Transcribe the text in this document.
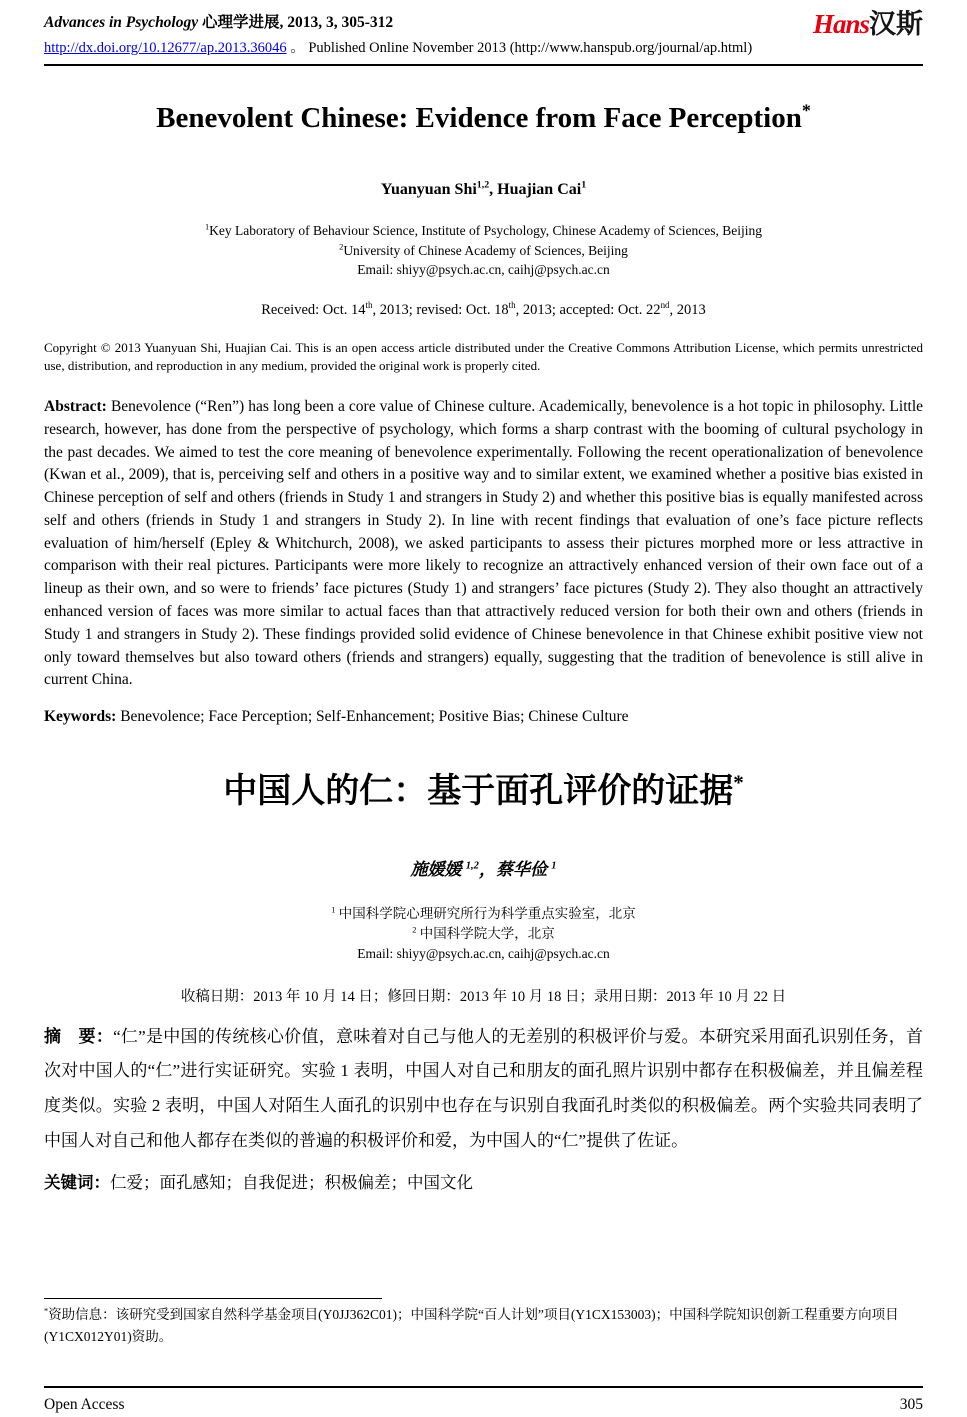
Advances in Psychology 心理学进展, 2013, 3, 305-312
http://dx.doi.org/10.12677/ap.2013.36046 。 Published Online November 2013 (http://www.hanspub.org/journal/ap.html)
Hans汉斯
Benevolent Chinese: Evidence from Face Perception*
Yuanyuan Shi$^{1,2}$, Huajian Cai$^1$
$^1$Key Laboratory of Behaviour Science, Institute of Psychology, Chinese Academy of Sciences, Beijing
$^2$University of Chinese Academy of Sciences, Beijing
Email: shiyy@psych.ac.cn, caihj@psych.ac.cn
Received: Oct. 14th, 2013; revised: Oct. 18th, 2013; accepted: Oct. 22nd, 2013

Copyright © 2013 Yuanyuan Shi, Huajian Cai. This is an open access article distributed under the Creative Commons Attribution License, which permits unrestricted use, distribution, and reproduction in any medium, provided the original work is properly cited.

Abstract: Benevolence (“Ren”) has long been a core value of Chinese culture. Academically, benevolence is a hot topic in philosophy. Little research, however, has done from the perspective of psychology, which forms a sharp contrast with the booming of cultural psychology in the past decades. We aimed to test the core meaning of benevolence experimentally. Following the recent operationalization of benevolence (Kwan et al., 2009), that is, perceiving self and others in a positive way and to similar extent, we examined whether a positive bias existed in Chinese perception of self and others (friends in Study 1 and strangers in Study 2) and whether this positive bias is equally manifested across self and others (friends in Study 1 and strangers in Study 2). In line with recent findings that evaluation of one’s face picture reflects evaluation of him/herself (Epley & Whitchurch, 2008), we asked participants to assess their pictures morphed more or less attractive in comparison with their real pictures. Participants were more likely to recognize an attractively enhanced version of their own face out of a lineup as their own, and so were to friends’ face pictures (Study 1) and strangers’ face pictures (Study 2). They also thought an attractively enhanced version of faces was more similar to actual faces than that attractively reduced version for both their own and others (friends in Study 1 and strangers in Study 2). These findings provided solid evidence of Chinese benevolence in that Chinese exhibit positive view not only toward themselves but also toward others (friends and strangers) equally, suggesting that the tradition of benevolence is still alive in current China.

Keywords: Benevolence; Face Perception; Self-Enhancement; Positive Bias; Chinese Culture

中国人的仁：基于面孔评价的证据*
施媛媛 $^{1,2}$，蔡华俭 $^1$
$^1$ 中国科学院心理研究所行为科学重点实验室，北京
$^2$ 中国科学院大学，北京
Email: shiyy@psych.ac.cn, caihj@psych.ac.cn
收稿日期：2013 年 10 月 14 日；修回日期：2013 年 10 月 18 日；录用日期：2013 年 10 月 22 日

摘　要：“仁”是中国的传统核心价值，意味着对自己与他人的无差别的积极评价与爱。本研究采用面孔识别任务，首次对中国人的“仁”进行实证研究。实验 1 表明，中国人对自己和朋友的面孔照片识别中都存在积极偏差，并且偏差程度类似。实验 2 表明，中国人对陌生人面孔的识别中也存在与识别自我面孔时类似的积极偏差。两个实验共同表明了中国人对自己和他人都存在类似的普遍的积极评价和爱，为中国人的“仁”提供了佐证。

关键词：仁爱；面孔感知；自我促进；积极偏差；中国文化

*资助信息：该研究受到国家自然科学基金项目(Y0JJ362C01)；中国科学院“百人计划”项目(Y1CX153003)；中国科学院知识创新工程重要方向项目(Y1CX012Y01)资助。
Open Access	305
